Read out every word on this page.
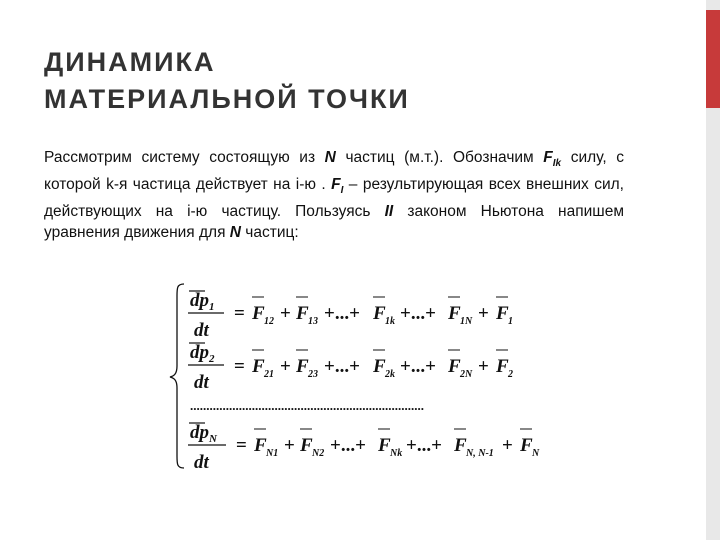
ДИНАМИКА
МАТЕРИАЛЬНОЙ ТОЧКИ
Рассмотрим системy состоящую из N частиц (м.т.). Обозначим $F_{Ik}$ силу, с которой k-я частица действует на i-ю . $F_I$ – результирующая всех внешних сил, действующих на i-ю частицу. Пользуясь II законом Ньютона напишем уравнения движения для N частиц:
$dp_1$
dt
= F 12 + F 13 +...+ F 1k +...+ F 1N + F 1
$dp_2$
dt
= F 21 + F 23 +...+ F 2k +...+ F 2N + F 2
........................................................................
$dp_N$
dt
= F N1 + F N2 +...+ F Nk +...+ F N, N-1 + F N
